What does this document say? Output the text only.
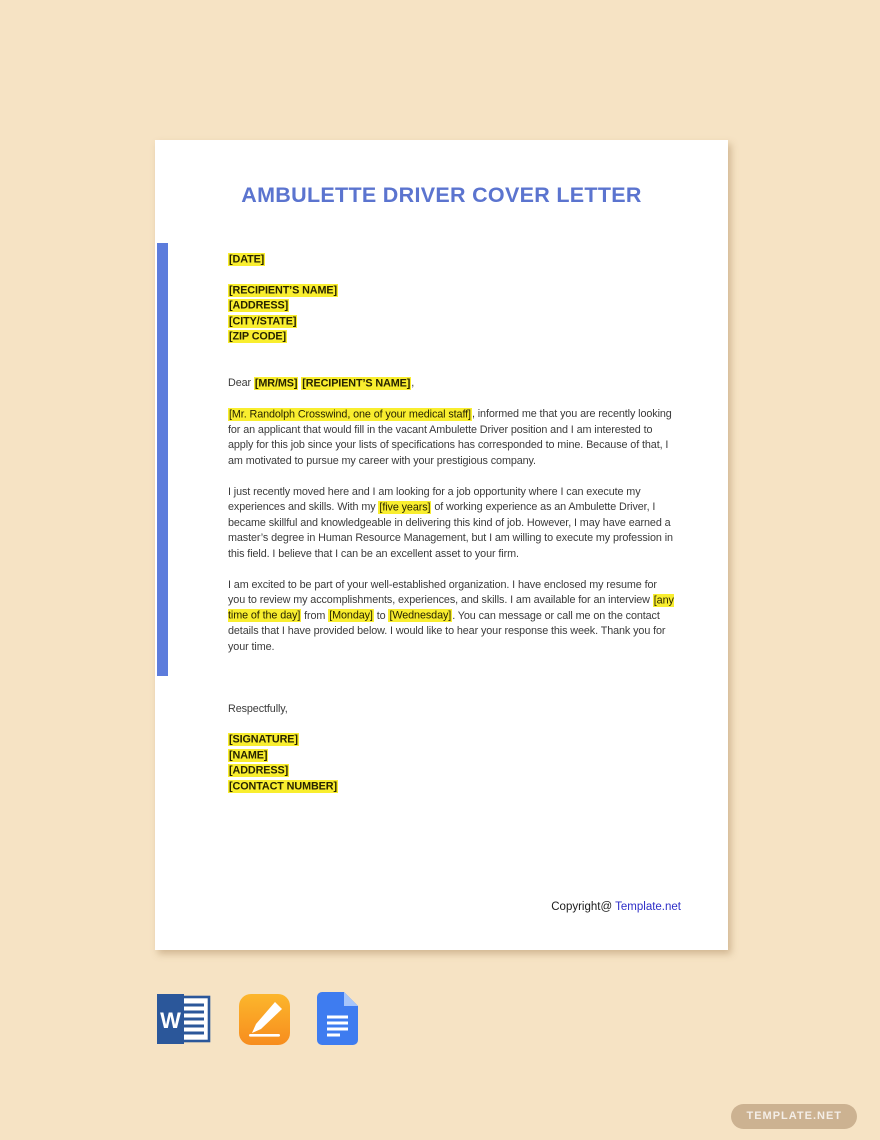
AMBULETTE DRIVER COVER LETTER
[DATE]
[RECIPIENT’S NAME]
[ADDRESS]
[CITY/STATE]
[ZIP CODE]

Dear [MR/MS] [RECIPIENT’S NAME],

[Mr. Randolph Crosswind, one of your medical staff], informed me that you are recently looking for an applicant that would fill in the vacant Ambulette Driver position and I am interested to apply for this job since your lists of specifications has corresponded to mine. Because of that, I am motivated to pursue my career with your prestigious company.

I just recently moved here and I am looking for a job opportunity where I can execute my experiences and skills. With my [five years] of working experience as an Ambulette Driver, I became skillful and knowledgeable in delivering this kind of job. However, I may have earned a master’s degree in Human Resource Management, but I am willing to execute my profession in this field. I believe that I can be an excellent asset to your firm.

I am excited to be part of your well-established organization. I have enclosed my resume for you to review my accomplishments, experiences, and skills. I am available for an interview [any time of the day] from [Monday] to [Wednesday]. You can message or call me on the contact details that I have provided below. I would like to hear your response this week. Thank you for your time.

Respectfully,

[SIGNATURE]
[NAME]
[ADDRESS]
[CONTACT NUMBER]
Copyright@ Template.net
W
TEMPLATE.NET
